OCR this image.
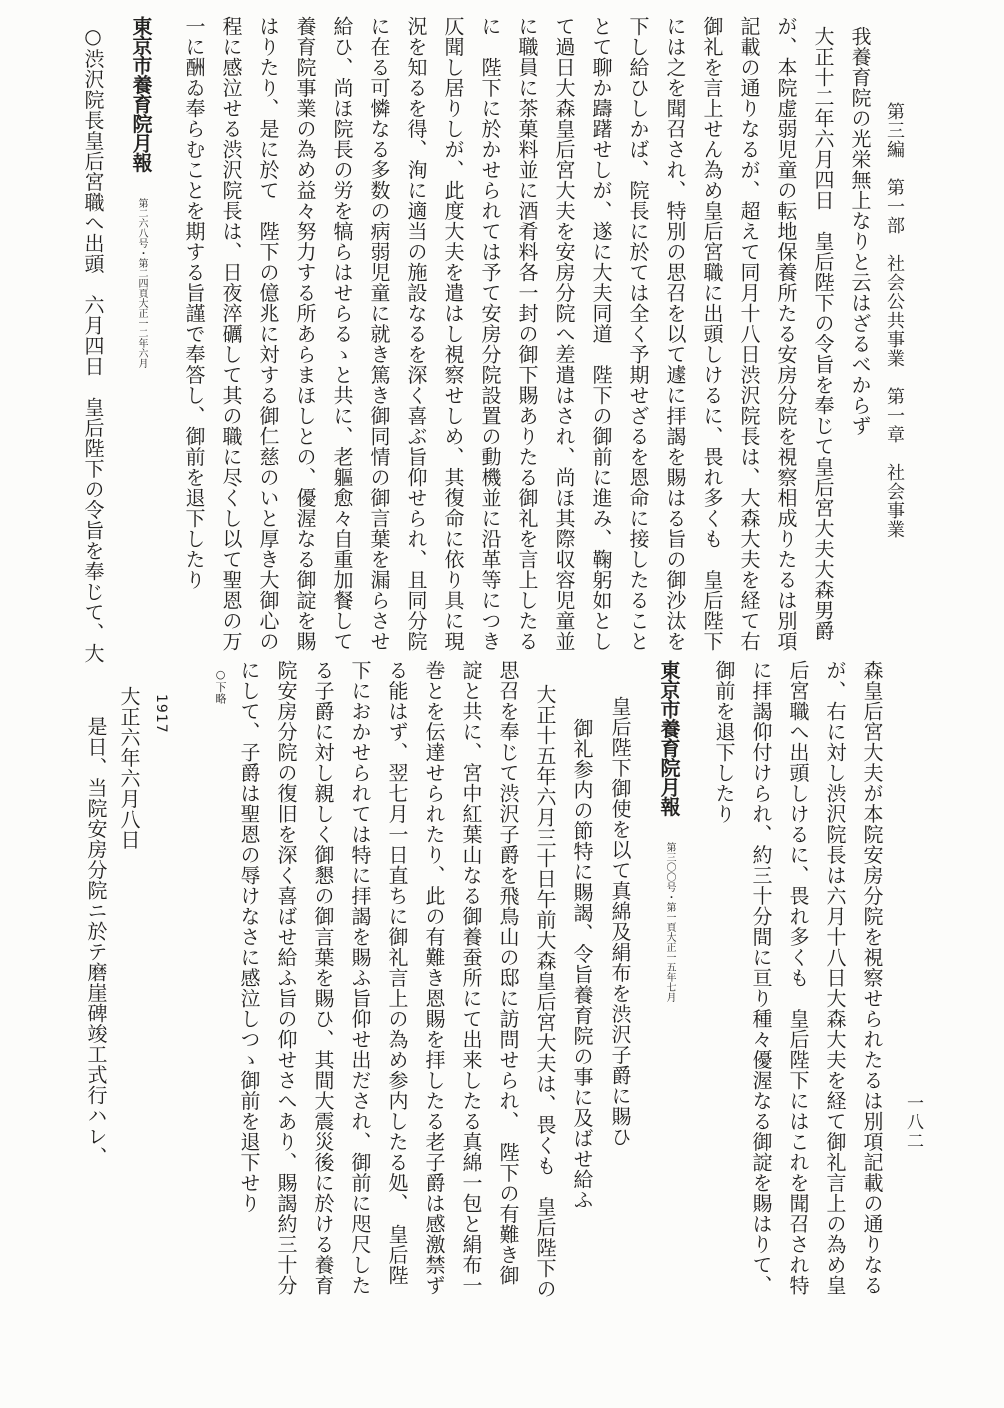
第三編　第一部　社会公共事業　第一章　社会事業
我養育院の光栄無上なりと云はざるべからず
大正十二年六月四日　皇后陛下の令旨を奉じて皇后宮大夫大森男爵
が、本院虚弱児童の転地保養所たる安房分院を視察相成りたるは別項
記載の通りなるが、超えて同月十八日渋沢院長は、大森大夫を経て右
御礼を言上せん為め皇后宮職に出頭しけるに、畏れ多くも　皇后陛下
には之を聞召され、特別の思召を以て遽に拝謁を賜はる旨の御沙汰を
下し給ひしかば、院長に於ては全く予期せざるを恩命に接したること
とて聊か躊躇せしが、遂に大夫同道　陛下の御前に進み、鞠躬如とし
て過日大森皇后宮大夫を安房分院へ差遣はされ、尚ほ其際収容児童並
に職員に茶菓料並に酒肴料各一封の御下賜ありたる御礼を言上したる
に　陛下に於かせられては予て安房分院設置の動機並に沿革等につき
仄聞し居りしが、此度大夫を遣はし視察せしめ、其復命に依り具に現
況を知るを得、洵に適当の施設なるを深く喜ぶ旨仰せられ、且同分院
に在る可憐なる多数の病弱児童に就き篤き御同情の御言葉を漏らさせ
給ひ、尚ほ院長の労を犒らはせらるゝと共に、老軀愈々自重加餐して
養育院事業の為め益々努力する所あらまほしとの、優渥なる御諚を賜
はりたり、是に於て　陛下の億兆に対する御仁慈のいと厚き大御心の
程に感泣せる渋沢院長は、日夜淬礪して其の職に尽くし以て聖恩の万
一に酬ゐ奉らむことを期する旨謹で奉答し、御前を退下したり
東京市養育院月報第二六八号・第二四頁大正一二年六月
○渋沢院長皇后宮職へ出頭　六月四日　皇后陛下の令旨を奉じて、大
一八二
森皇后宮大夫が本院安房分院を視察せられたるは別項記載の通りなる
が、右に対し渋沢院長は六月十八日大森大夫を経て御礼言上の為め皇
后宮職へ出頭しけるに、畏れ多くも　皇后陛下にはこれを聞召され特
に拝謁仰付けられ、約三十分間に亘り種々優渥なる御諚を賜はりて、
御前を退下したり
東京市養育院月報第三〇〇号・第一頁大正一五年七月
皇后陛下御使を以て真綿及絹布を渋沢子爵に賜ひ
御礼参内の節特に賜謁、令旨養育院の事に及ばせ給ふ
大正十五年六月三十日午前大森皇后宮大夫は、畏くも　皇后陛下の
思召を奉じて渋沢子爵を飛鳥山の邸に訪問せられ、　陛下の有難き御
諚と共に、宮中紅葉山なる御養蚕所にて出来したる真綿一包と絹布一
巻とを伝達せられたり、此の有難き恩賜を拝したる老子爵は感激禁ず
る能はず、翌七月一日直ちに御礼言上の為め参内したる処、　皇后陛
下におかせられては特に拝謁を賜ふ旨仰せ出だされ、御前に咫尺した
る子爵に対し親しく御懇の御言葉を賜ひ、其間大震災後に於ける養育
院安房分院の復旧を深く喜ばせ給ふ旨の仰せさへあり、賜謁約三十分
にして、子爵は聖恩の辱けなさに感泣しつゝ御前を退下せり
○下略
1917
大正六年六月八日
是日、当院安房分院ニ於テ磨崖碑竣工式行ハレ、
